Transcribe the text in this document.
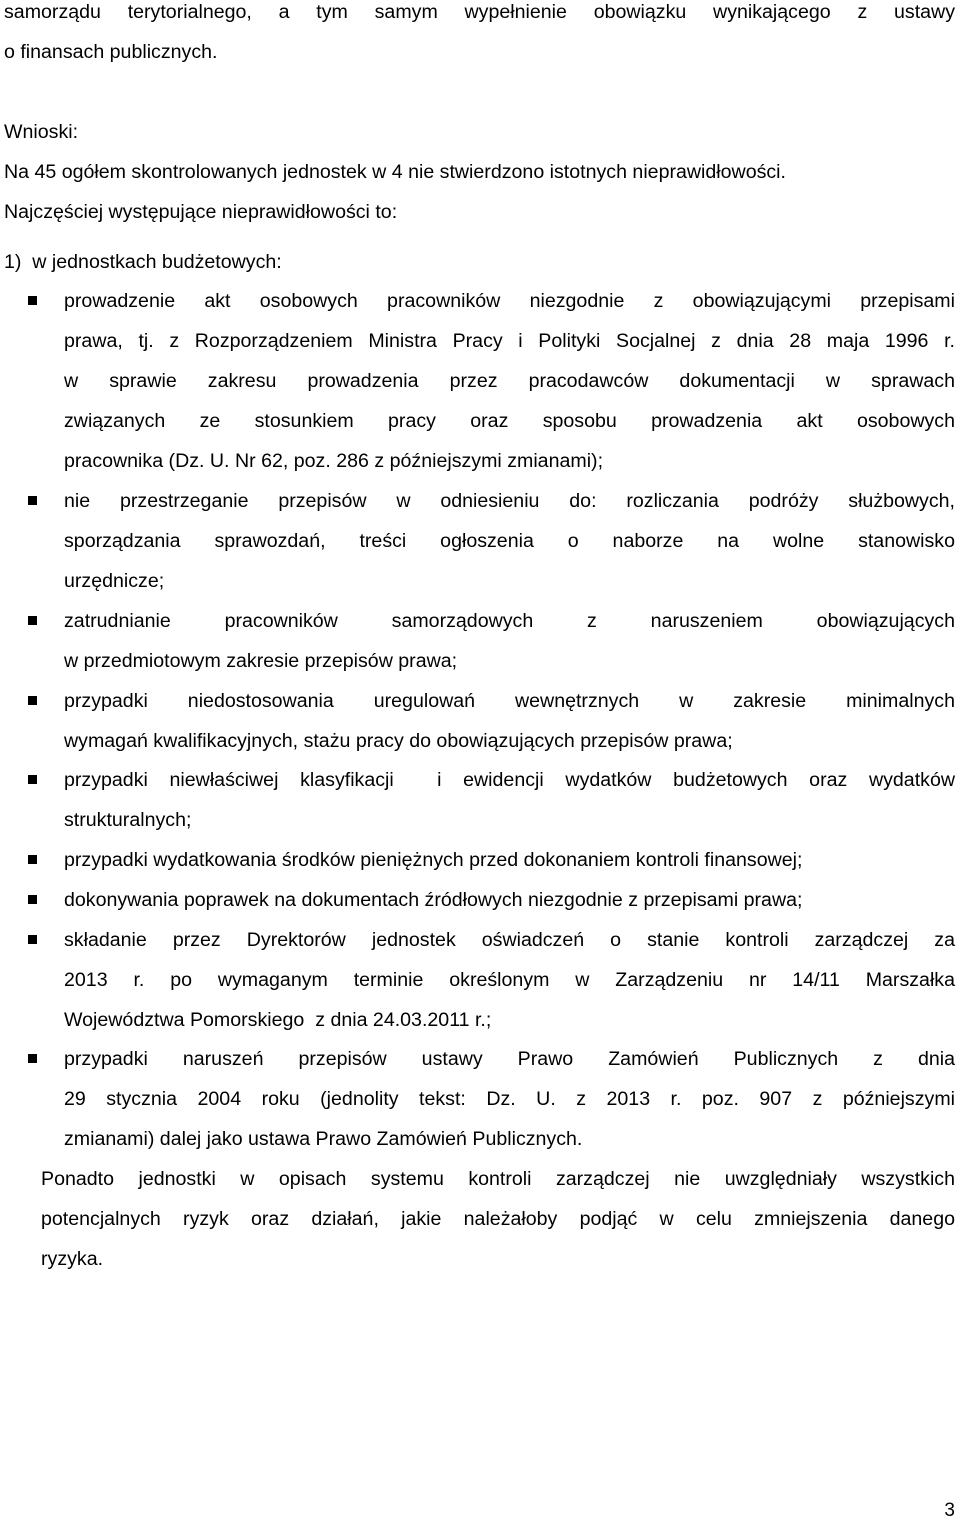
samorządu terytorialnego, a tym samym wypełnienie obowiązku wynikającego z ustawy
o finansach publicznych.
Wnioski:
Na 45 ogółem skontrolowanych jednostek w 4 nie stwierdzono istotnych nieprawidłowości.
Najczęściej występujące nieprawidłowości to:
1)  w jednostkach budżetowych:
prowadzenie akt osobowych pracowników niezgodnie z obowiązującymi przepisami
prawa, tj. z Rozporządzeniem Ministra Pracy i Polityki Socjalnej z dnia 28 maja 1996 r.
w sprawie zakresu prowadzenia przez pracodawców dokumentacji w sprawach
związanych ze stosunkiem pracy oraz sposobu prowadzenia akt osobowych
pracownika (Dz. U. Nr 62, poz. 286 z późniejszymi zmianami);
nie przestrzeganie przepisów w odniesieniu do: rozliczania podróży służbowych,
sporządzania sprawozdań, treści ogłoszenia o naborze na wolne stanowisko
urzędnicze;
zatrudnianie pracowników samorządowych z naruszeniem obowiązujących
w przedmiotowym zakresie przepisów prawa;
przypadki niedostosowania uregulowań wewnętrznych w zakresie minimalnych
wymagań kwalifikacyjnych, stażu pracy do obowiązujących przepisów prawa;
przypadki niewłaściwej klasyfikacji  i ewidencji wydatków budżetowych oraz wydatków
strukturalnych;
przypadki wydatkowania środków pieniężnych przed dokonaniem kontroli finansowej;
dokonywania poprawek na dokumentach źródłowych niezgodnie z przepisami prawa;
składanie przez Dyrektorów jednostek oświadczeń o stanie kontroli zarządczej za
2013 r. po wymaganym terminie określonym w Zarządzeniu nr 14/11 Marszałka
Województwa Pomorskiego  z dnia 24.03.2011 r.;
przypadki naruszeń przepisów ustawy Prawo Zamówień Publicznych z dnia
29 stycznia 2004 roku (jednolity tekst: Dz. U. z 2013 r. poz. 907 z późniejszymi
zmianami) dalej jako ustawa Prawo Zamówień Publicznych.
Ponadto jednostki w opisach systemu kontroli zarządczej nie uwzględniały wszystkich
potencjalnych ryzyk oraz działań, jakie należałoby podjąć w celu zmniejszenia danego
ryzyka.
3
